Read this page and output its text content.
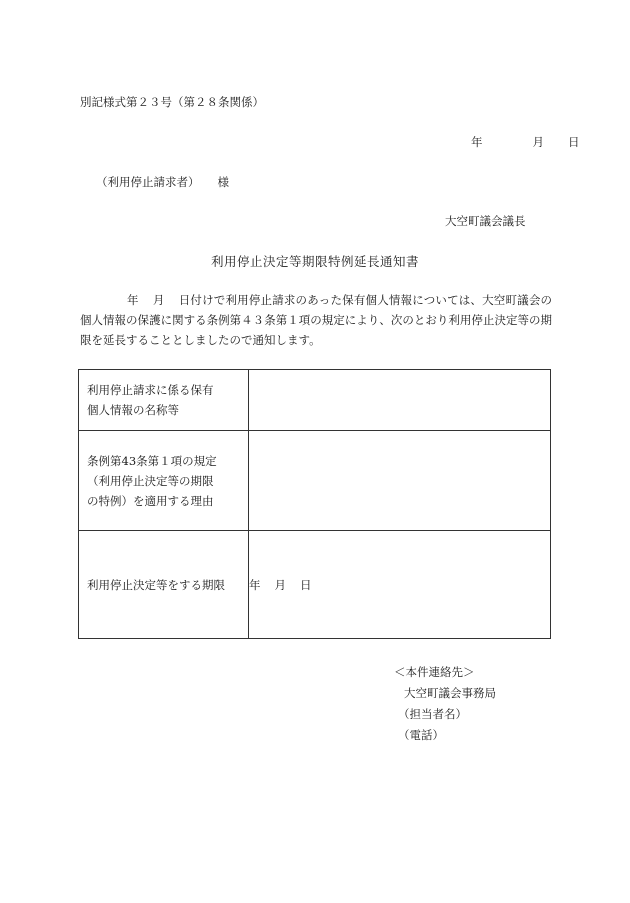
別記様式第２３号（第２８条関係）
年	月 日
（利用停止請求者） 様
大空町議会議長
利用停止決定等期限特例延長通知書
年 月 日付けで利用停止請求のあった保有個人情報については、大空町議会の個人情報の保護に関する条例第４３条第１項の規定により、次のとおり利用停止決定等の期限を延長することとしましたので通知します。
利用停止請求に係る保有
個人情報の名称等	

条例第43条第１項の規定
（利用停止決定等の期限
の特例）を適用する理由	

利用停止決定等をする期限	年 月 日
＜本件連絡先＞
大空町議会事務局
（担当者名）
（電話）
